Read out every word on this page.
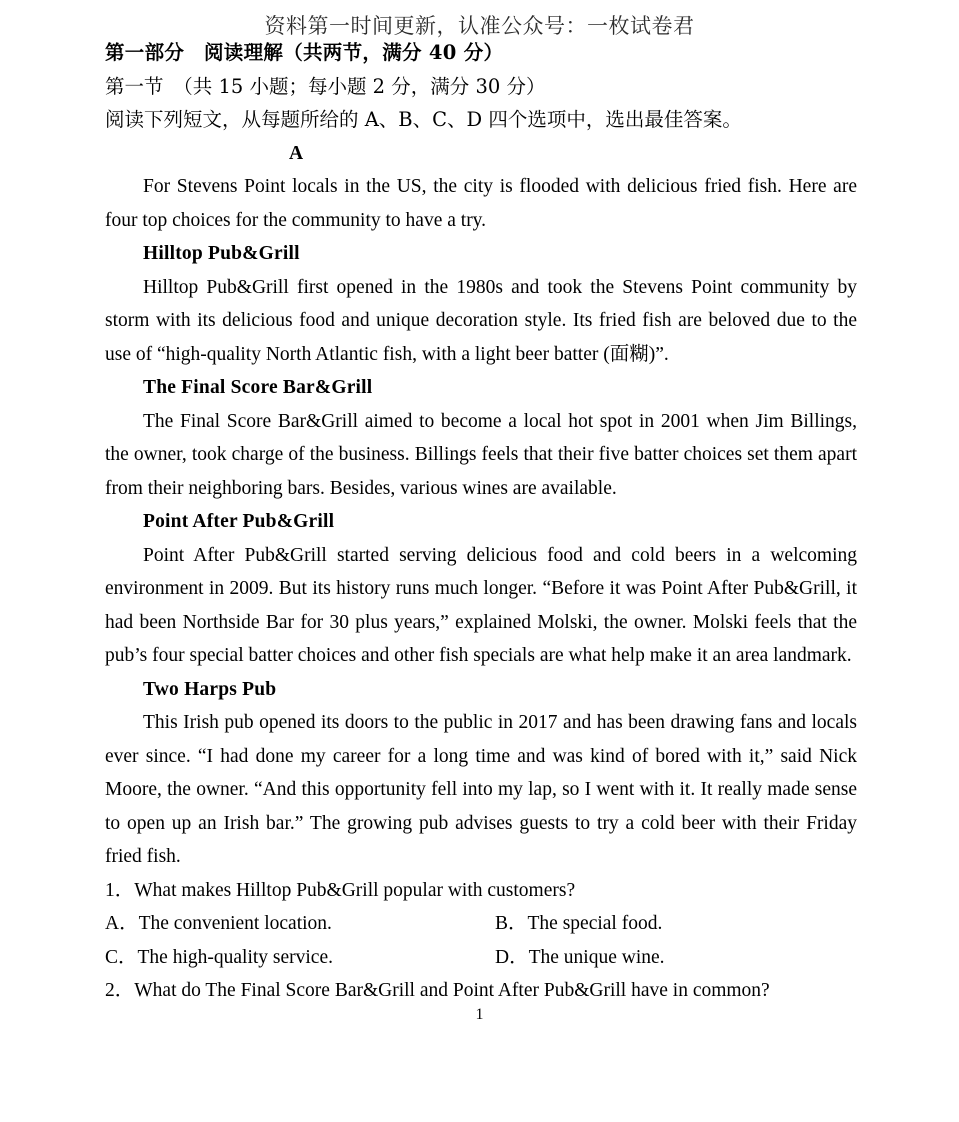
资料第一时间更新，认准公众号：一枚试卷君
第一部分　阅读理解（共两节，满分 40 分）
第一节　（共 15 小题；每小题 2 分，满分 30 分）
阅读下列短文，从每题所给的 A、B、C、D 四个选项中，选出最佳答案。
A

For Stevens Point locals in the US, the city is flooded with delicious fried fish. Here are four top choices for the community to have a try.

Hilltop Pub&Grill

Hilltop Pub&Grill first opened in the 1980s and took the Stevens Point community by storm with its delicious food and unique decoration style. Its fried fish are beloved due to the use of “high-quality North Atlantic fish, with a light beer batter (面糊)”.

The Final Score Bar&Grill

The Final Score Bar&Grill aimed to become a local hot spot in 2001 when Jim Billings, the owner, took charge of the business. Billings feels that their five batter choices set them apart from their neighboring bars. Besides, various wines are available.

Point After Pub&Grill

Point After Pub&Grill started serving delicious food and cold beers in a welcoming environment in 2009. But its history runs much longer. “Before it was Point After Pub&Grill, it had been Northside Bar for 30 plus years,” explained Molski, the owner. Molski feels that the pub’s four special batter choices and other fish specials are what help make it an area landmark.

Two Harps Pub

This Irish pub opened its doors to the public in 2017 and has been drawing fans and locals ever since. “I had done my career for a long time and was kind of bored with it,” said Nick Moore, the owner. “And this opportunity fell into my lap, so I went with it. It really made sense to open up an Irish bar.” The growing pub advises guests to try a cold beer with their Friday fried fish.

1．What makes Hilltop Pub&Grill popular with customers?
A．The convenient location.	B．The special food.
C．The high-quality service.	D．The unique wine.
2．What do The Final Score Bar&Grill and Point After Pub&Grill have in common?
1
